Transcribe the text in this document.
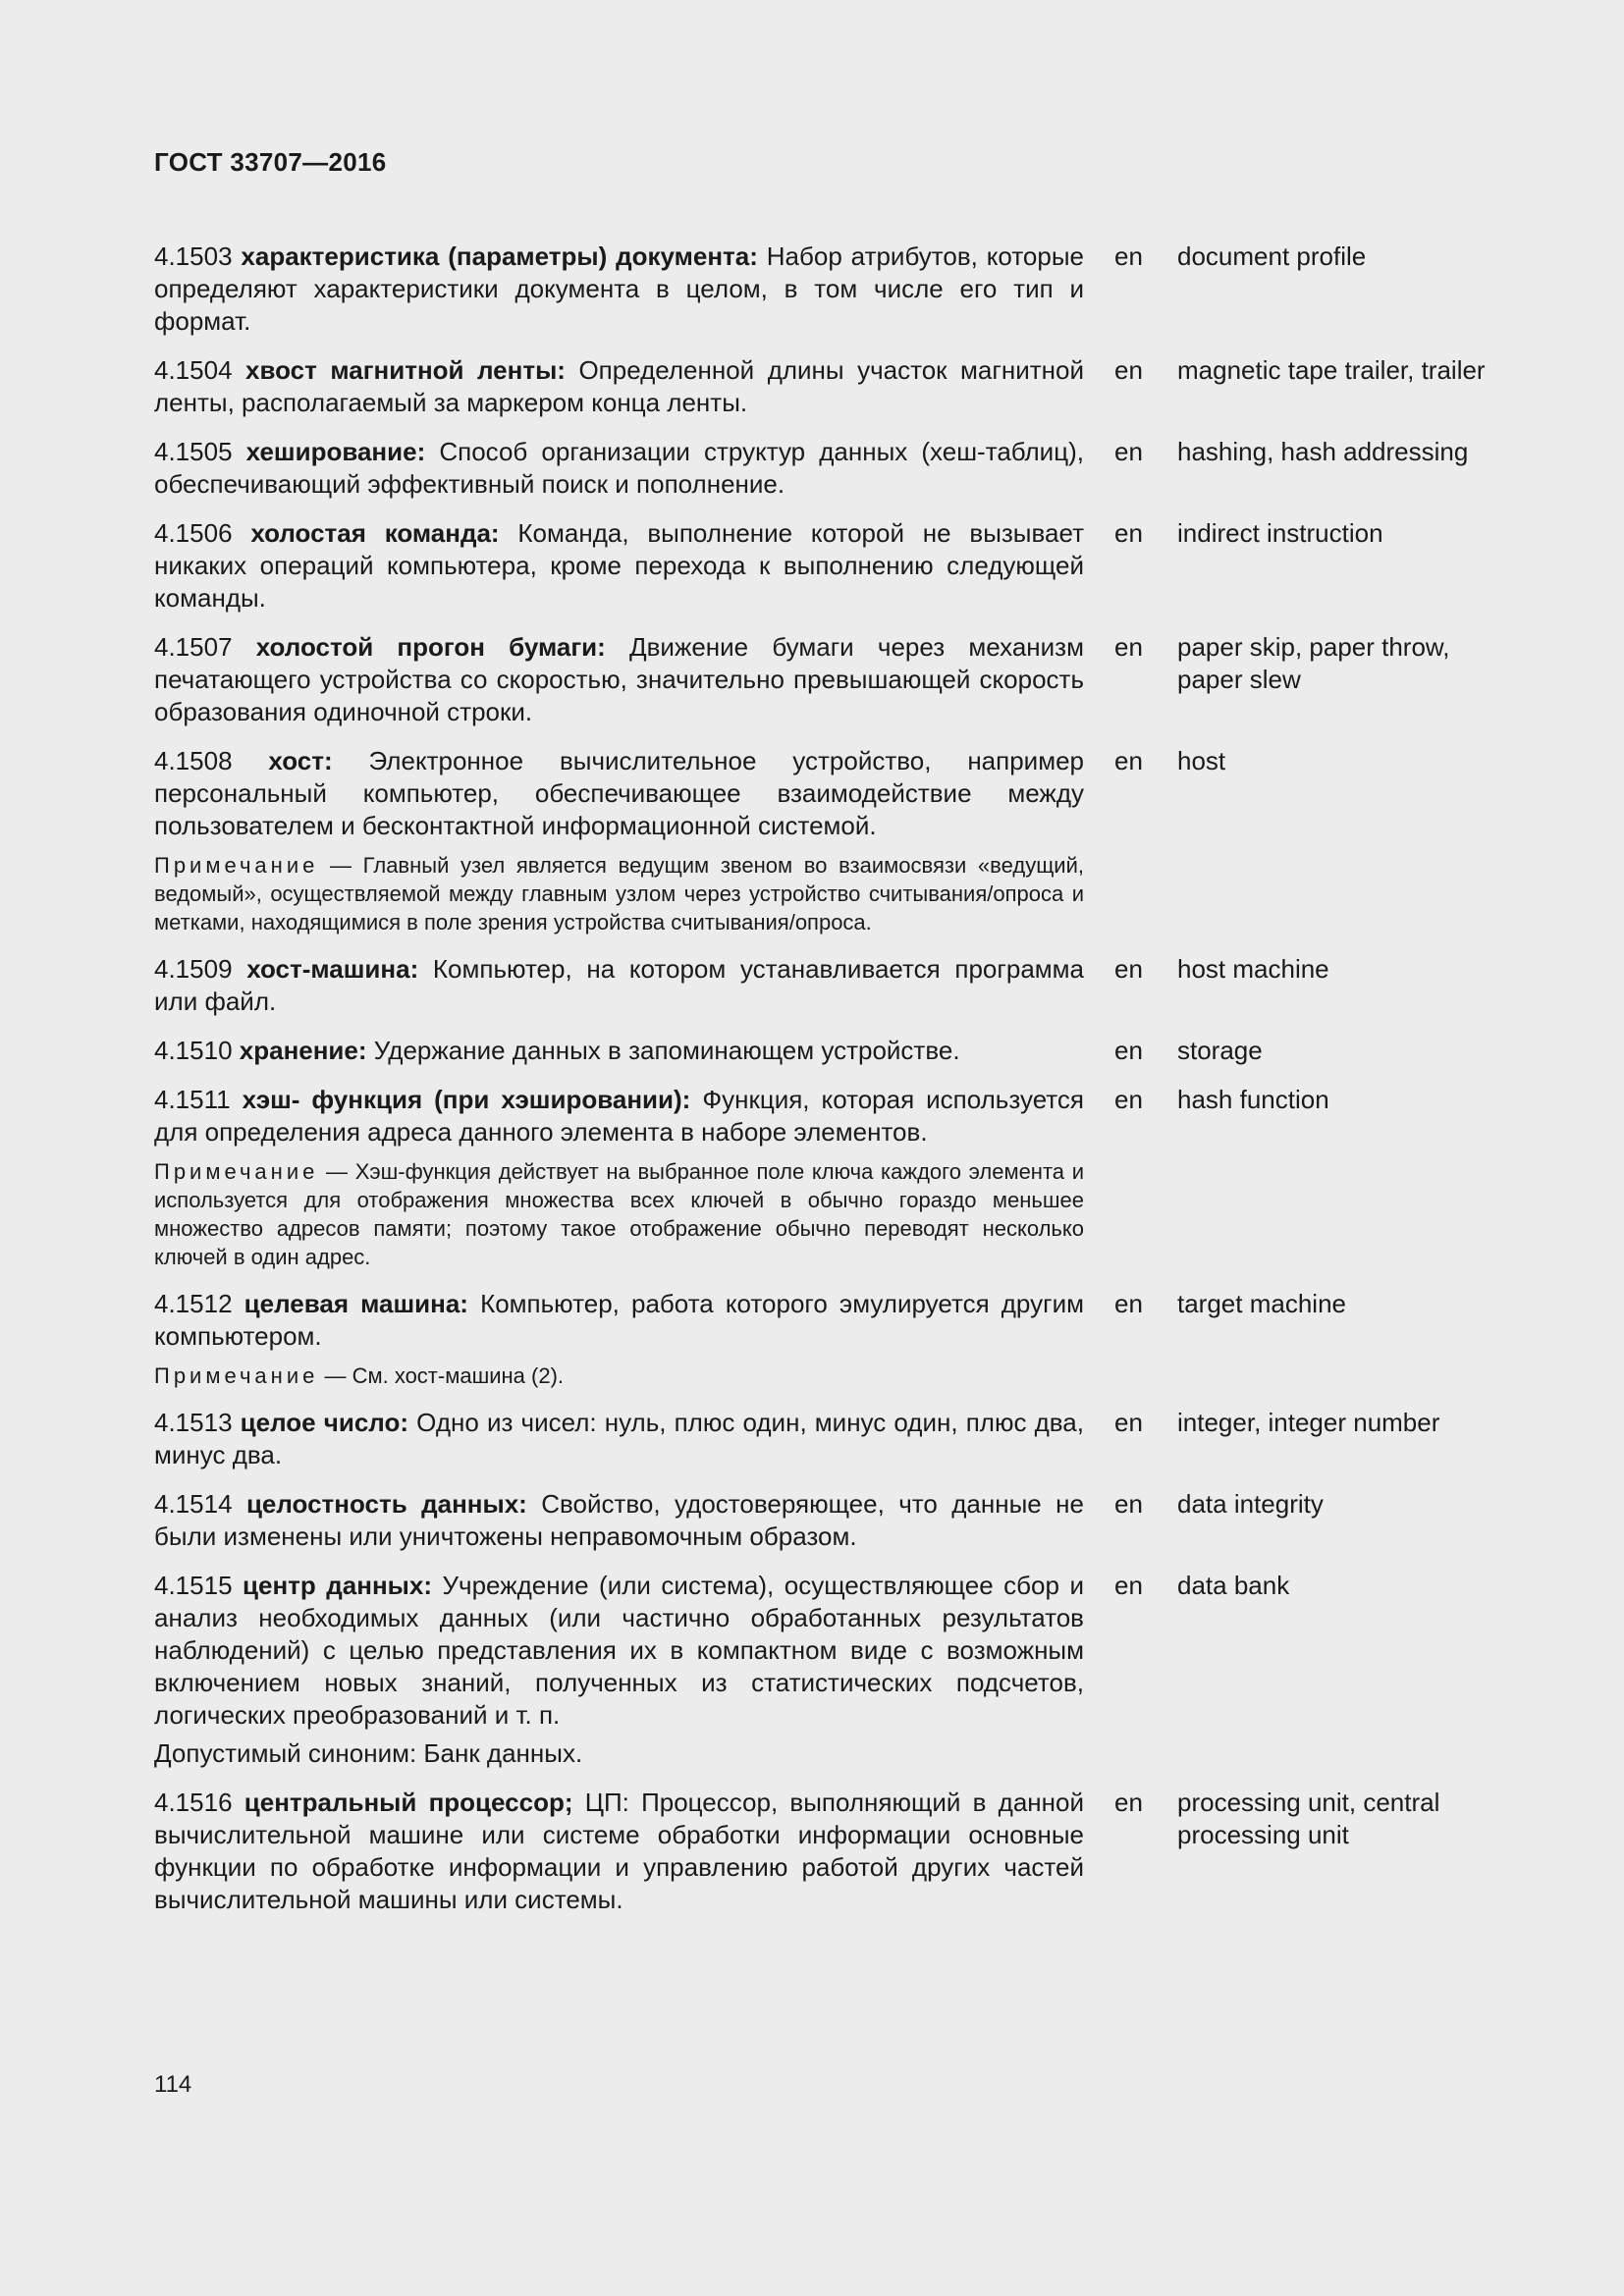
ГОСТ 33707—2016
4.1503 характеристика (параметры) документа: Набор атрибутов, которые определяют характеристики документа в целом, в том числе его тип и формат.
en document profile
4.1504 хвост магнитной ленты: Определенной длины участок магнитной ленты, располагаемый за маркером конца ленты.
en magnetic tape trailer, trailer
4.1505 хеширование: Способ организации структур данных (хеш-таблиц), обеспечивающий эффективный поиск и пополнение.
en hashing, hash addressing
4.1506 холостая команда: Команда, выполнение которой не вызывает никаких операций компьютера, кроме перехода к выполнению следующей команды.
en indirect instruction
4.1507 холостой прогон бумаги: Движение бумаги через механизм печатающего устройства со скоростью, значительно превышающей скорость образования одиночной строки.
en paper skip, paper throw, paper slew
4.1508 хост: Электронное вычислительное устройство, например персональный компьютер, обеспечивающее взаимодействие между пользователем и бесконтактной информационной системой.
Примечание — Главный узел является ведущим звеном во взаимосвязи «ведущий, ведомый», осуществляемой между главным узлом через устройство считывания/опроса и метками, находящимися в поле зрения устройства считывания/опроса.
en host
4.1509 хост-машина: Компьютер, на котором устанавливается программа или файл.
en host machine
4.1510 хранение: Удержание данных в запоминающем устройстве.	en storage
4.1511 хэш- функция (при хэшировании): Функция, которая используется для определения адреса данного элемента в наборе элементов.
Примечание — Хэш-функция действует на выбранное поле ключа каждого элемента и используется для отображения множества всех ключей в обычно гораздо меньшее множество адресов памяти; поэтому такое отображение обычно переводят несколько ключей в один адрес.
en hash function
4.1512 целевая машина: Компьютер, работа которого эмулируется другим компьютером.
Примечание — См. хост-машина (2).
en target machine
4.1513 целое число: Одно из чисел: нуль, плюс один, минус один, плюс два, минус два.
en integer, integer number
4.1514 целостность данных: Свойство, удостоверяющее, что данные не были изменены или уничтожены неправомочным образом.
en data integrity
4.1515 центр данных: Учреждение (или система), осуществляющее сбор и анализ необходимых данных (или частично обработанных результатов наблюдений) с целью представления их в компактном виде с возможным включением новых знаний, полученных из статистических подсчетов, логических преобразований и т. п.
Допустимый синоним: Банк данных.
en data bank
4.1516 центральный процессор; ЦП: Процессор, выполняющий в данной вычислительной машине или системе обработки информации основные функции по обработке информации и управлению работой других частей вычислительной машины или системы.
en processing unit, central processing unit
114
